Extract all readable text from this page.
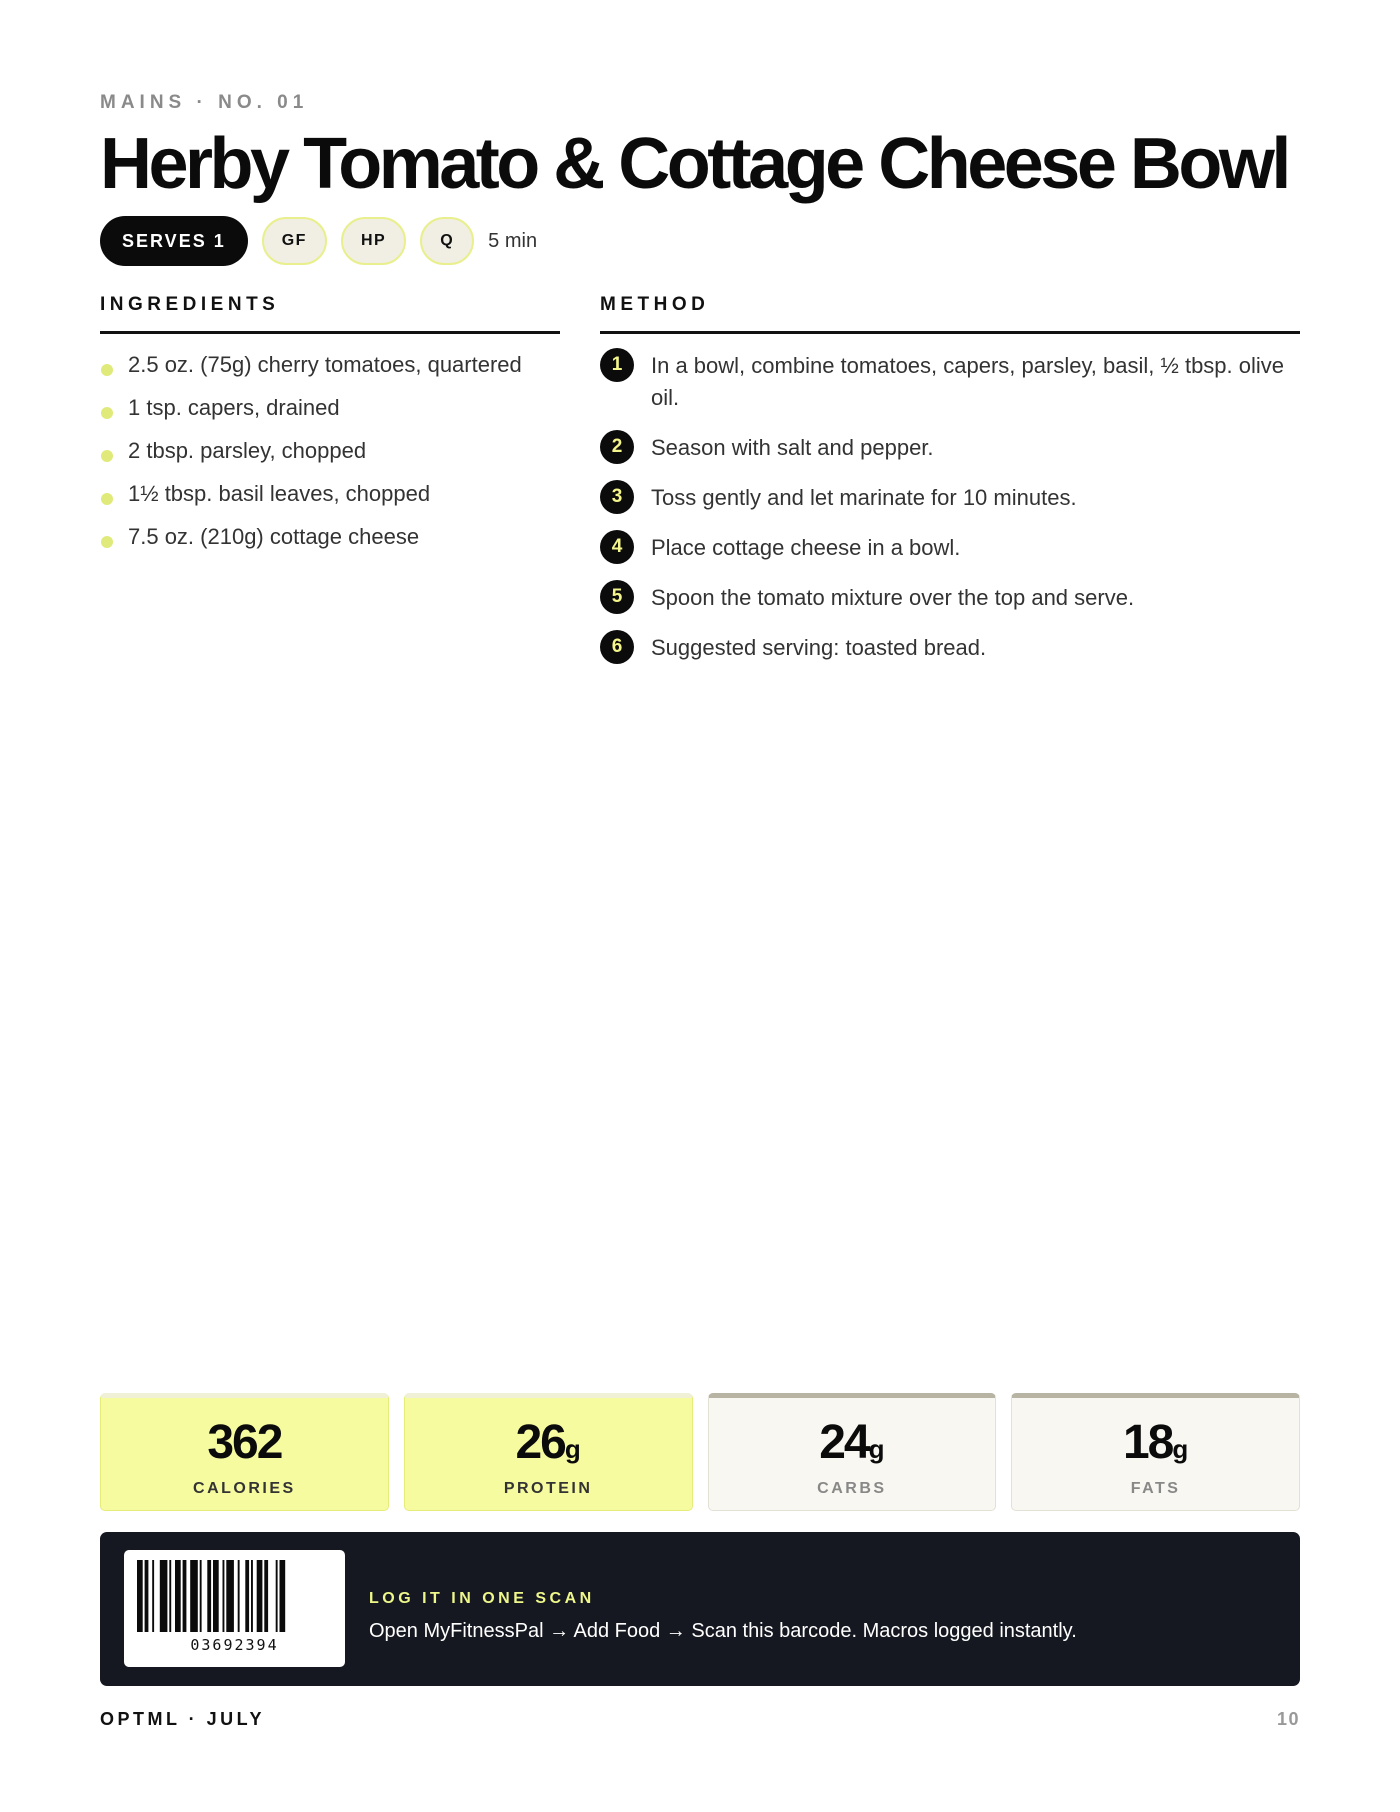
MAINS · NO. 01
Herby Tomato & Cottage Cheese Bowl
SERVES 1	GF	HP	Q	5 min
INGREDIENTS
2.5 oz. (75g) cherry tomatoes, quartered
1 tsp. capers, drained
2 tbsp. parsley, chopped
1½ tbsp. basil leaves, chopped
7.5 oz. (210g) cottage cheese
METHOD
1	In a bowl, combine tomatoes, capers, parsley, basil, ½ tbsp. olive oil.
2	Season with salt and pepper.
3	Toss gently and let marinate for 10 minutes.
4	Place cottage cheese in a bowl.
5	Spoon the tomato mixture over the top and serve.
6	Suggested serving: toasted bread.
362
CALORIES
26g
PROTEIN
24g
CARBS
18g
FATS
03692394
LOG IT IN ONE SCAN
Open MyFitnessPal → Add Food → Scan this barcode. Macros logged instantly.
OPTML · JULY	10
